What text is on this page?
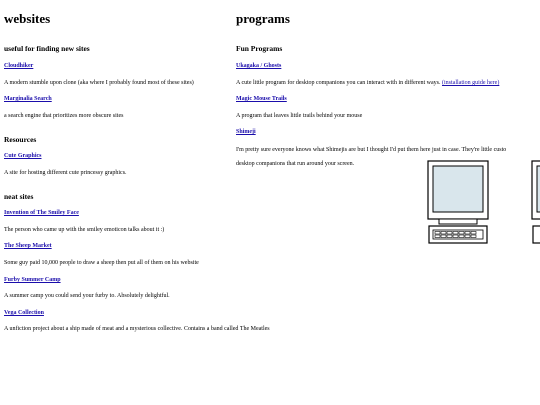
websites
useful for finding new sites
Cloudhiker

A modern stumble upon clone (aka where I probably found most of these sites)

Marginalia Search

a search engine that prioritizes more obscure sites

Resources
Cute Graphics

A site for hosting different cute princessy graphics.

neat sites
Invention of The Smiley Face

The person who came up with the smiley emoticon talks about it :)

The Sheep Market

Some guy paid 10,000 people to draw a sheep then put all of them on his website

Furby Summer Camp

A summer camp you could send your furby to. Absolutely delightful.

Vega Collection

A unfiction project about a ship made of meat and a mysterious collective. Contains a band called The Meatles

programs
Fun Programs
Ukagaka / Ghosts

A cute little program for desktop companions you can interact with in different ways. (installation guide here)

Magic Mouse Trails

A program that leaves little trails behind your mouse

Shimeji

I'm pretty sure everyone knows what Shimejis are but I thought I'd put them here just in case. They're little custo

desktop companions that run around your screen.
